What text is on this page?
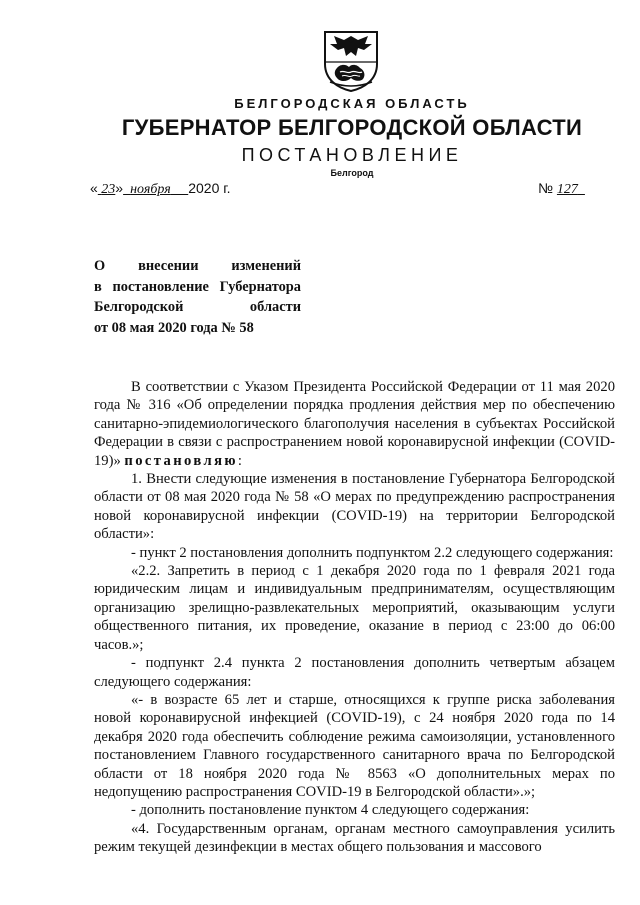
БЕЛГОРОДСКАЯ ОБЛАСТЬ
ГУБЕРНАТОР БЕЛГОРОДСКОЙ ОБЛАСТИ
ПОСТАНОВЛЕНИЕ
Белгород
« 23» ноября 2020 г.	№ 127
О внесении изменений
в постановление Губернатора
Белгородской области
от 08 мая 2020 года № 58

В соответствии с Указом Президента Российской Федерации от 11 мая 2020 года № 316 «Об определении порядка продления действия мер по обеспечению санитарно-эпидемиологического благополучия населения в субъектах Российской Федерации в связи с распространением новой коронавирусной инфекции (COVID-19)» постановляю:

1. Внести следующие изменения в постановление Губернатора Белгородской области от 08 мая 2020 года № 58 «О мерах по предупреждению распространения новой коронавирусной инфекции (COVID-19) на территории Белгородской области»:

- пункт 2 постановления дополнить подпунктом 2.2 следующего содержания:

«2.2. Запретить в период с 1 декабря 2020 года по 1 февраля 2021 года юридическим лицам и индивидуальным предпринимателям, осуществляющим организацию зрелищно-развлекательных мероприятий, оказывающим услуги общественного питания, их проведение, оказание в период с 23:00 до 06:00 часов.»;

- подпункт 2.4 пункта 2 постановления дополнить четвертым абзацем следующего содержания:

«- в возрасте 65 лет и старше, относящихся к группе риска заболевания новой коронавирусной инфекцией (COVID-19), с 24 ноября 2020 года по 14 декабря 2020 года обеспечить соблюдение режима самоизоляции, установленного постановлением Главного государственного санитарного врача по Белгородской области от 18 ноября 2020 года № 8563 «О дополнительных мерах по недопущению распространения COVID-19 в Белгородской области».»;

- дополнить постановление пунктом 4 следующего содержания:

«4. Государственным органам, органам местного самоуправления усилить режим текущей дезинфекции в местах общего пользования и массового
